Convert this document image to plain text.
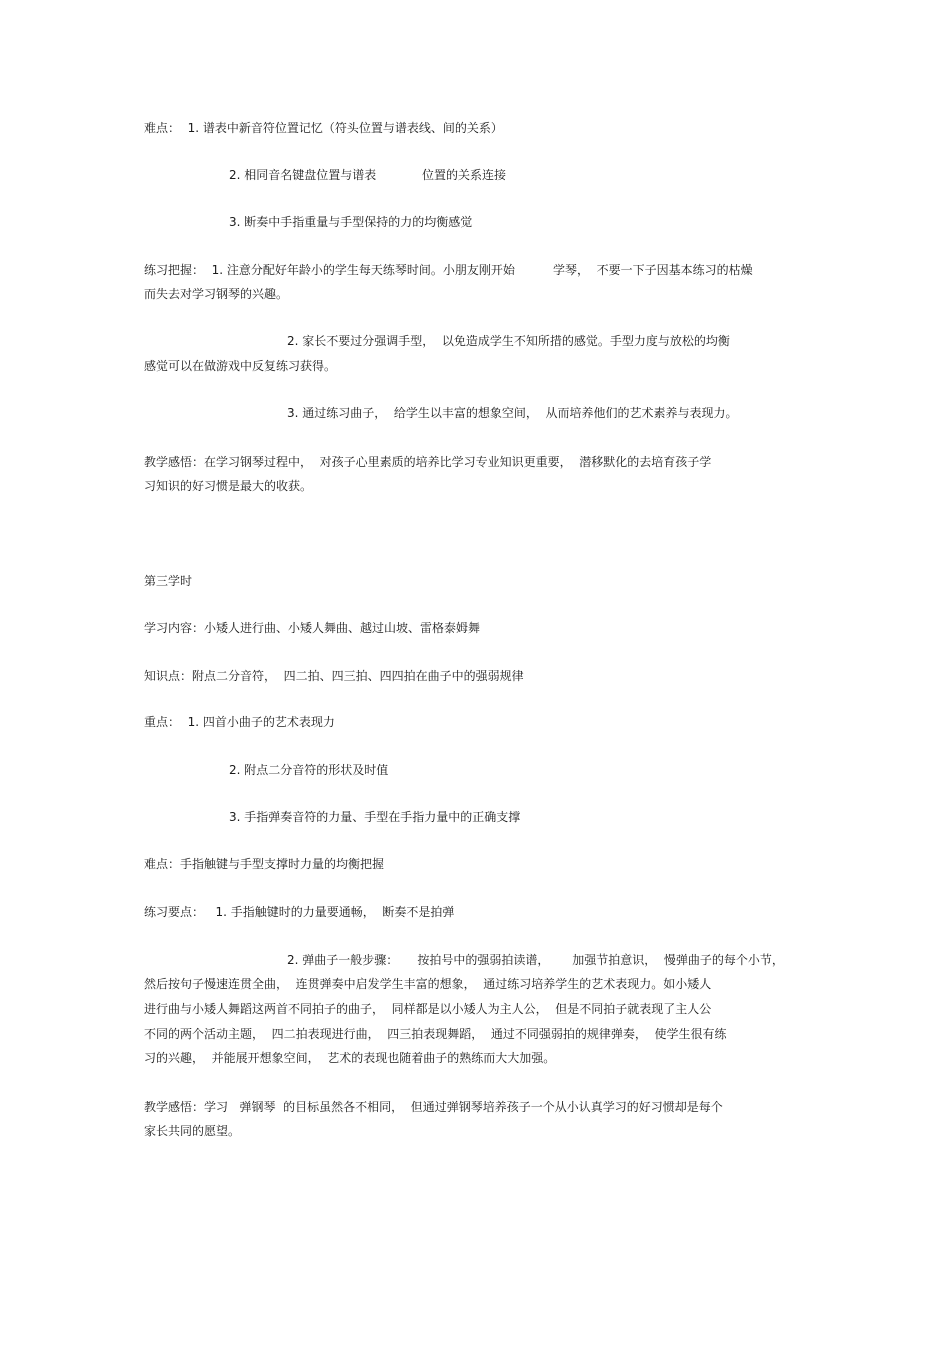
难点：  1. 谱表中新音符位置记忆（符头位置与谱表线、间的关系）
2. 相同音名键盘位置与谱表            位置的关系连接
3. 断奏中手指重量与手型保持的力的均衡感觉
练习把握：  1. 注意分配好年龄小的学生每天练琴时间。小朋友刚开始          学琴，  不要一下子因基本练习的枯燥
而失去对学习钢琴的兴趣。
2. 家长不要过分强调手型，  以免造成学生不知所措的感觉。手型力度与放松的均衡
感觉可以在做游戏中反复练习获得。
3. 通过练习曲子，  给学生以丰富的想象空间，  从而培养他们的艺术素养与表现力。
教学感悟：在学习钢琴过程中，  对孩子心里素质的培养比学习专业知识更重要，  潜移默化的去培育孩子学
习知识的好习惯是最大的收获。
第三学时
学习内容：小矮人进行曲、小矮人舞曲、越过山坡、雷格泰姆舞
知识点：附点二分音符，  四二拍、四三拍、四四拍在曲子中的强弱规律
重点：  1. 四首小曲子的艺术表现力
2. 附点二分音符的形状及时值
3. 手指弹奏音符的力量、手型在手指力量中的正确支撑
难点：手指触键与手型支撑时力量的均衡把握
练习要点：   1. 手指触键时的力量要通畅，  断奏不是拍弹
2. 弹曲子一般步骤：     按拍号中的强弱拍读谱，      加强节拍意识，  慢弹曲子的每个小节，
然后按句子慢速连贯全曲，  连贯弹奏中启发学生丰富的想象，  通过练习培养学生的艺术表现力。如小矮人
进行曲与小矮人舞蹈这两首不同拍子的曲子，  同样都是以小矮人为主人公，  但是不同拍子就表现了主人公
不同的两个活动主题，  四二拍表现进行曲，  四三拍表现舞蹈，  通过不同强弱拍的规律弹奏，  使学生很有练
习的兴趣，  并能展开想象空间，  艺术的表现也随着曲子的熟练而大大加强。
教学感悟：学习   弹钢琴  的目标虽然各不相同，  但通过弹钢琴培养孩子一个从小认真学习的好习惯却是每个
家长共同的愿望。
